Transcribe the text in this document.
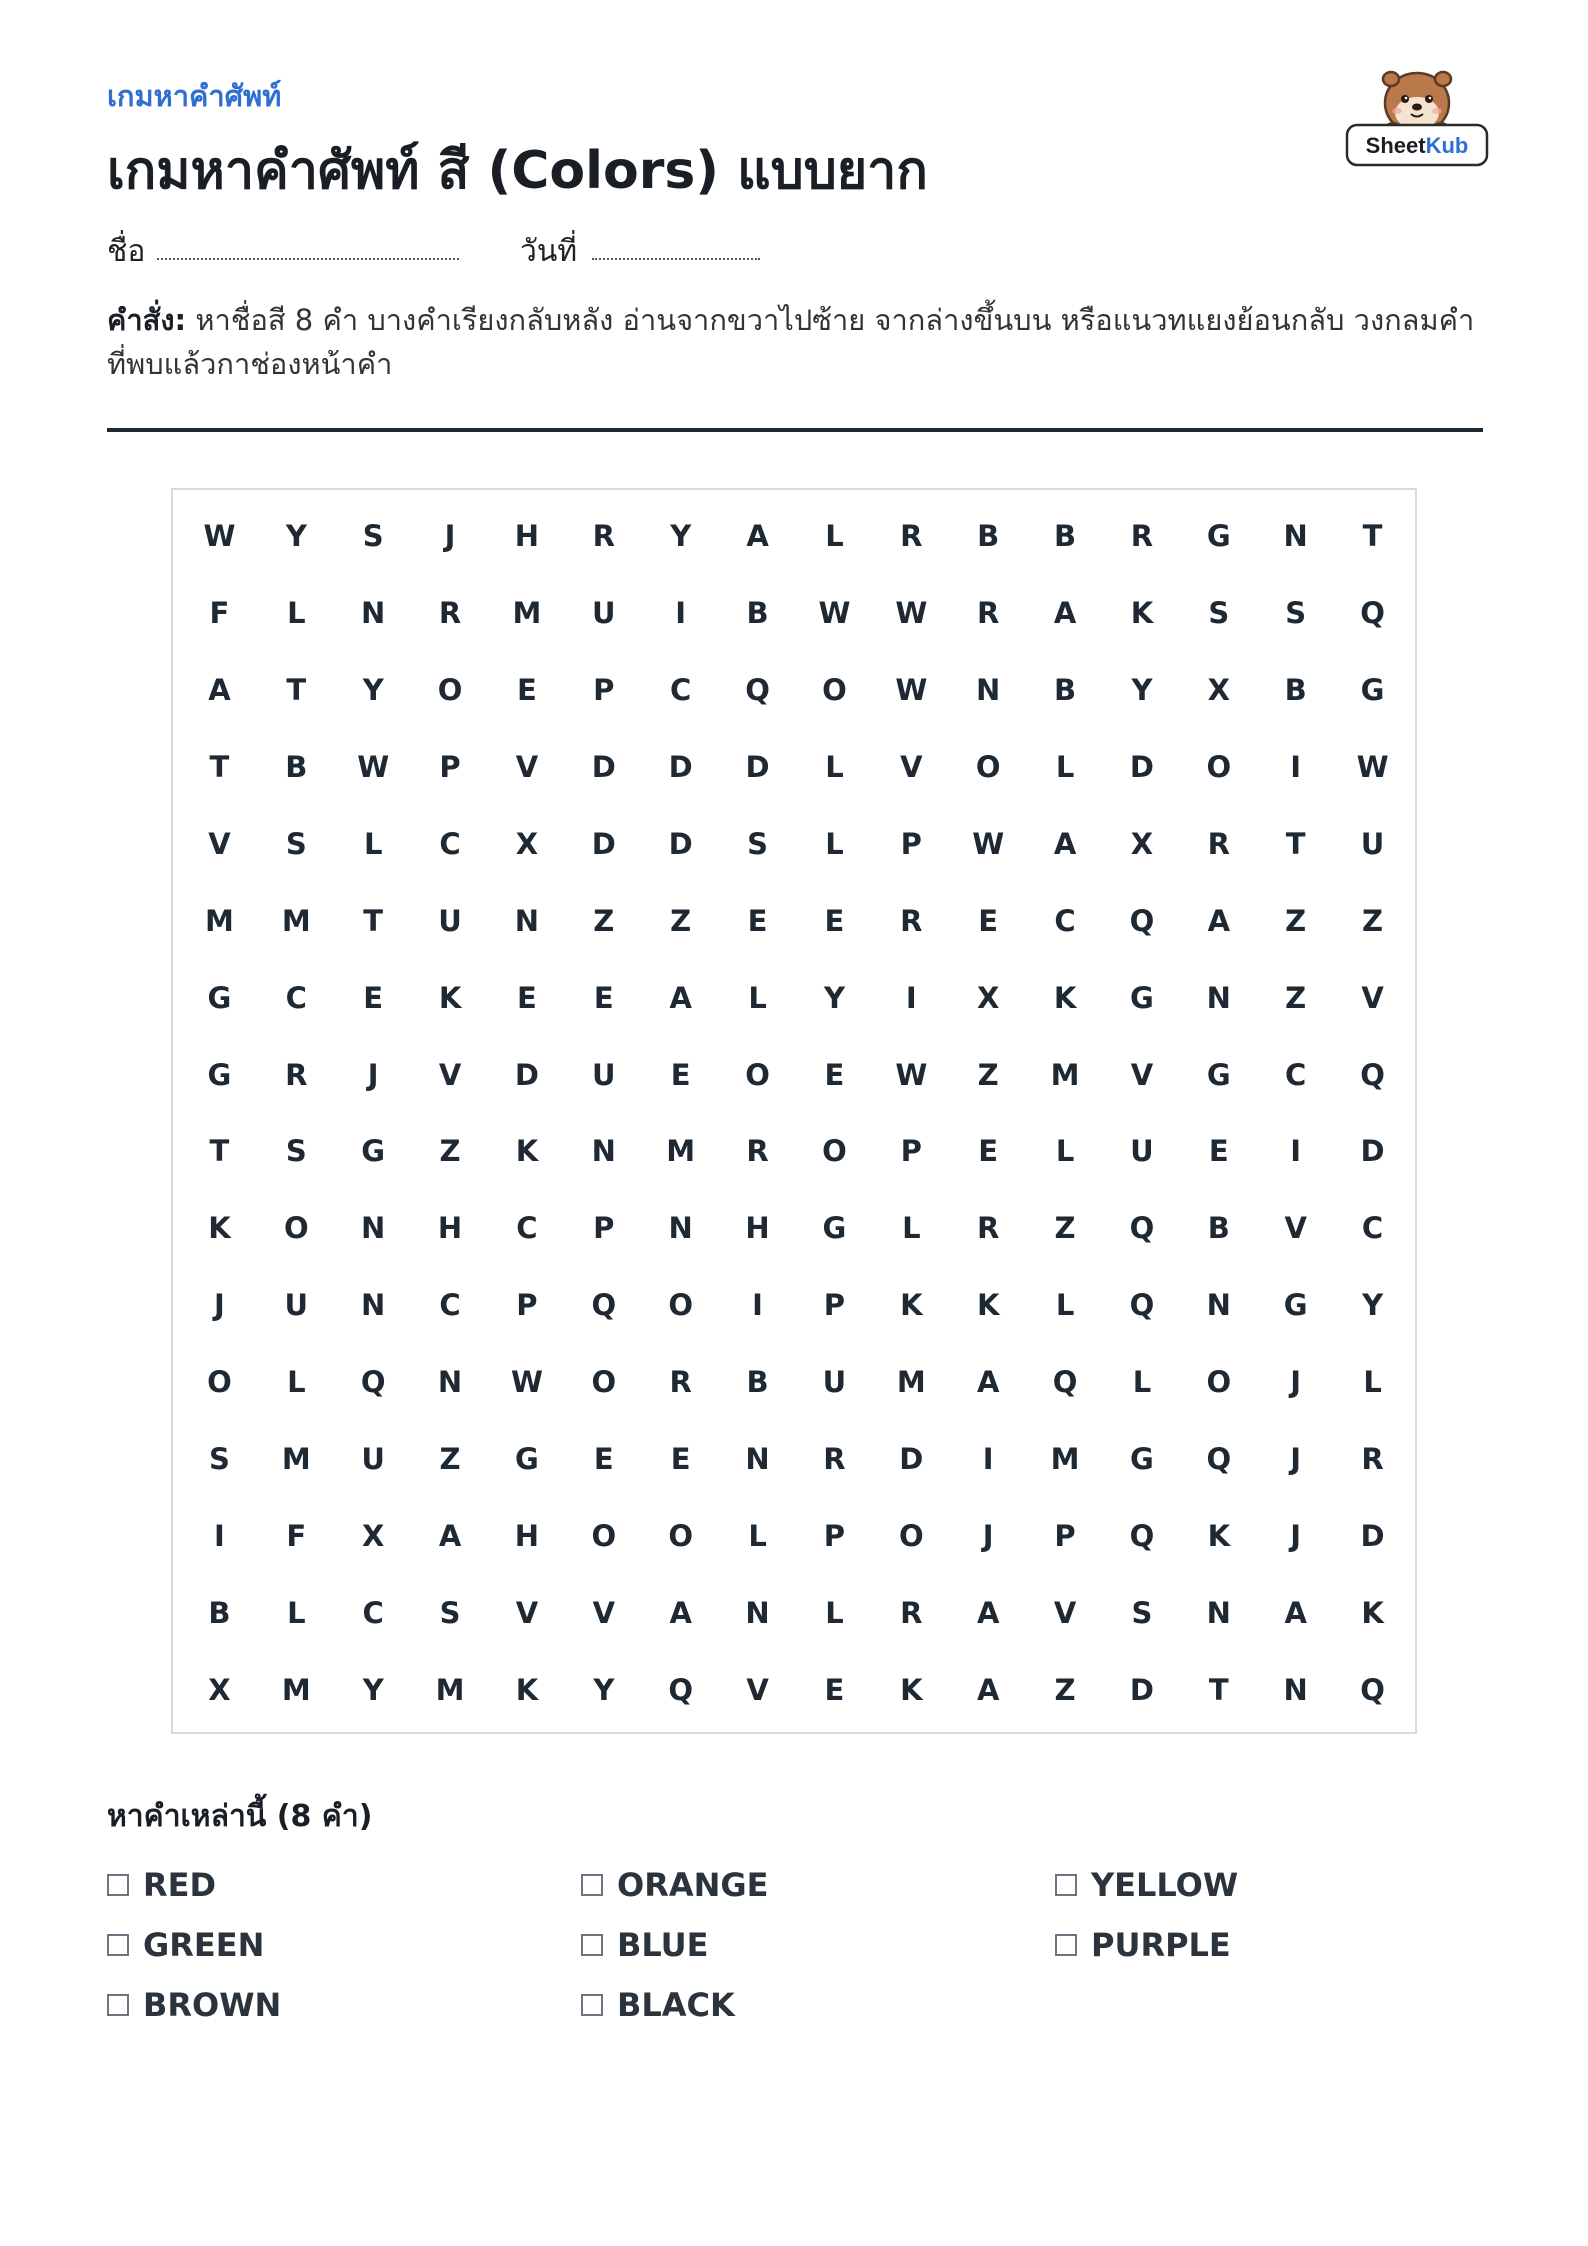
เกมหาคำศัพท์
เกมหาคำศัพท์ สี (Colors) แบบยาก	SheetKub
ชื่อ	วันที่
คำสั่ง: หาชื่อสี 8 คำ บางคำเรียงกลับหลัง อ่านจากขวาไปซ้าย จากล่างขึ้นบน หรือแนวทแยงย้อนกลับ วงกลมคำที่พบแล้วกาช่องหน้าคำ
W	Y	S	J	H	R	Y	A	L	R	B	B	R	G	N	T
F	L	N	R	M	U	I	B	W	W	R	A	K	S	S	Q
A	T	Y	O	E	P	C	Q	O	W	N	B	Y	X	B	G
T	B	W	P	V	D	D	D	L	V	O	L	D	O	I	W
V	S	L	C	X	D	D	S	L	P	W	A	X	R	T	U
M	M	T	U	N	Z	Z	E	E	R	E	C	Q	A	Z	Z
G	C	E	K	E	E	A	L	Y	I	X	K	G	N	Z	V
G	R	J	V	D	U	E	O	E	W	Z	M	V	G	C	Q
T	S	G	Z	K	N	M	R	O	P	E	L	U	E	I	D
K	O	N	H	C	P	N	H	G	L	R	Z	Q	B	V	C
J	U	N	C	P	Q	O	I	P	K	K	L	Q	N	G	Y
O	L	Q	N	W	O	R	B	U	M	A	Q	L	O	J	L
S	M	U	Z	G	E	E	N	R	D	I	M	G	Q	J	R
I	F	X	A	H	O	O	L	P	O	J	P	Q	K	J	D
B	L	C	S	V	V	A	N	L	R	A	V	S	N	A	K
X	M	Y	M	K	Y	Q	V	E	K	A	Z	D	T	N	Q
หาคำเหล่านี้ (8 คำ)
RED	ORANGE	YELLOW
GREEN	BLUE	PURPLE
BROWN	BLACK
